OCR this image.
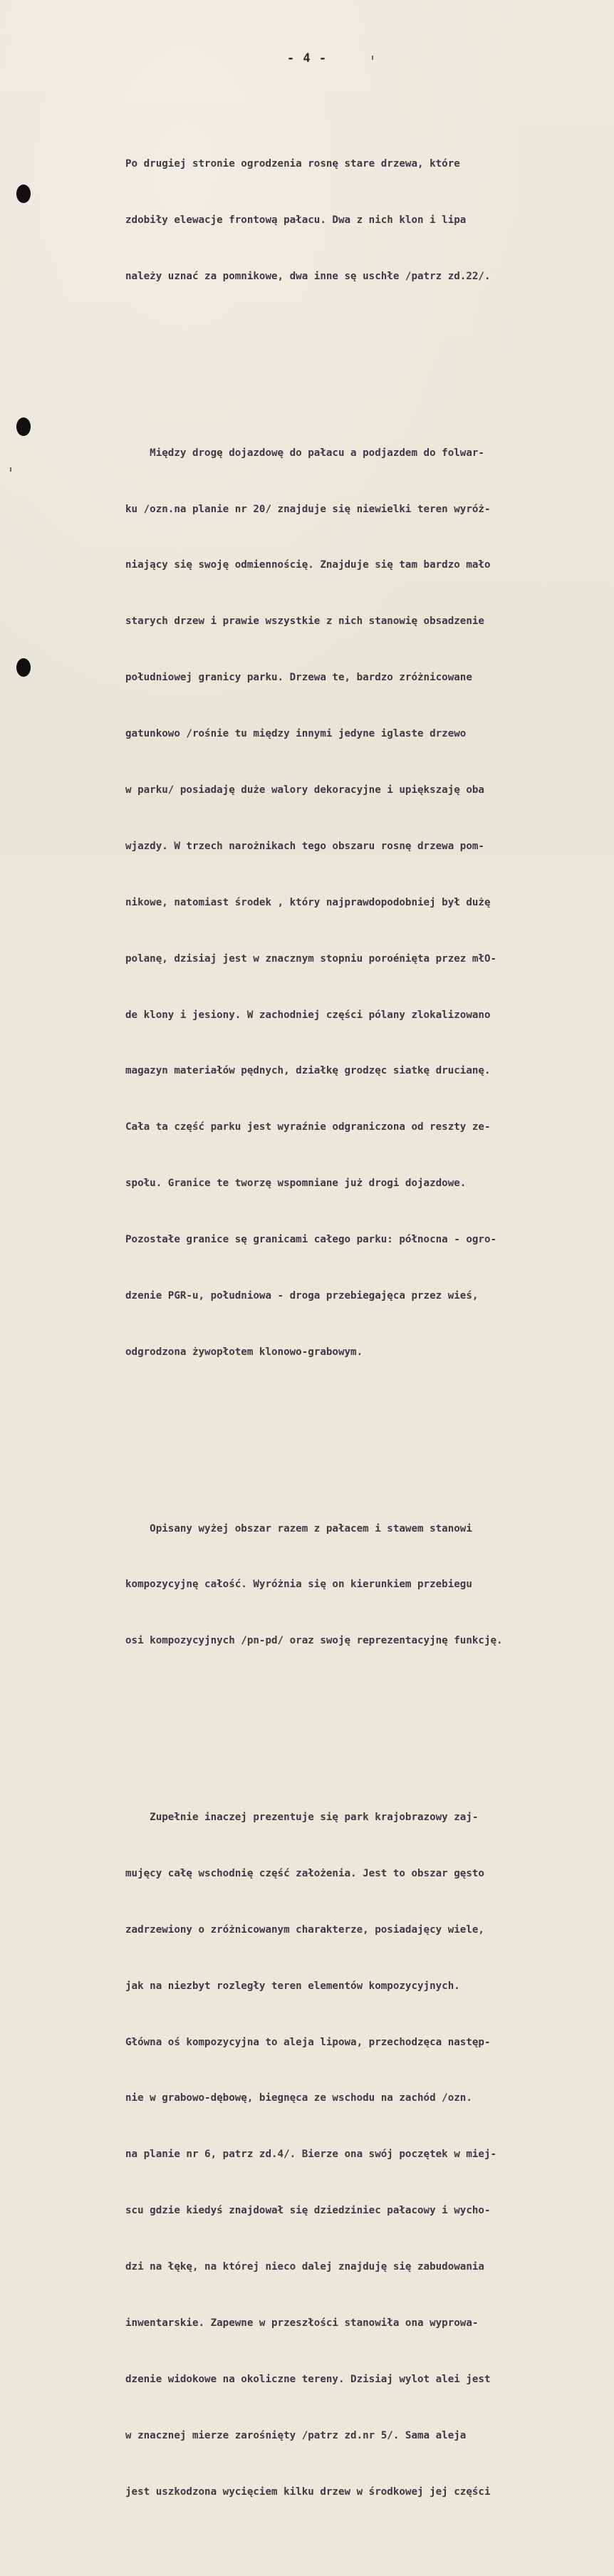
- 4 -

Po drugiej stronie ogrodzenia rosnę stare drzewa, które

zdobiły elewacje frontową pałacu. Dwa z nich klon i lipa

należy uznać za pomnikowe, dwa inne sę uschłe /patrz zd.22/.

Między drogę dojazdowę do pałacu a podjazdem do folwar-

ku /ozn.na planie nr 20/ znajduje się niewielki teren wyróż-

niający się swoję odmiennościę. Znajduje się tam bardzo mało

starych drzew i prawie wszystkie z nich stanowię obsadzenie

południowej granicy parku. Drzewa te, bardzo zróżnicowane

gatunkowo /rośnie tu między innymi jedyne iglaste drzewo

w parku/ posiadaję duże walory dekoracyjne i upiększaję oba

wjazdy. W trzech narożnikach tego obszaru rosnę drzewa pom-

nikowe, natomiast środek , który najprawdopodobniej był dużę

polanę, dzisiaj jest w znacznym stopniu poroénięta przez młO-

de klony i jesiony. W zachodniej części pólany zlokalizowano

magazyn materiałów pędnych, działkę grodzęc siatkę drucianę.

Cała ta część parku jest wyraźnie odgraniczona od reszty ze-

społu. Granice te tworzę wspomniane już drogi dojazdowe.

Pozostałe granice sę granicami całego parku: północna - ogro-

dzenie PGR-u, południowa - droga przebiegajęca przez wieś,

odgrodzona żywopłotem klonowo-grabowym.

Opisany wyżej obszar razem z pałacem i stawem stanowi

kompozycyjnę całość. Wyróżnia się on kierunkiem przebiegu

osi kompozycyjnych /pn-pd/ oraz swoję reprezentacyjnę funkcję.

Zupełnie inaczej prezentuje się park krajobrazowy zaj-

mujęcy całę wschodnię część założenia. Jest to obszar gęsto

zadrzewiony o zróżnicowanym charakterze, posiadajęcy wiele,

jak na niezbyt rozległy teren elementów kompozycyjnych.

Główna oś kompozycyjna to aleja lipowa, przechodzęca następ-

nie w grabowo-dębowę, biegnęca ze wschodu na zachód /ozn.

na planie nr 6, patrz zd.4/. Bierze ona swój poczętek w miej-

scu gdzie kiedyś znajdował się dziedziniec pałacowy i wycho-

dzi na łękę, na której nieco dalej znajduję się zabudowania

inwentarskie. Zapewne w przeszłości stanowiła ona wyprowa-

dzenie widokowe na okoliczne tereny. Dzisiaj wylot alei jest

w znacznej mierze zarośnięty /patrz zd.nr 5/. Sama aleja

jest uszkodzona wycięciem kilku drzew w środkowej jej części
